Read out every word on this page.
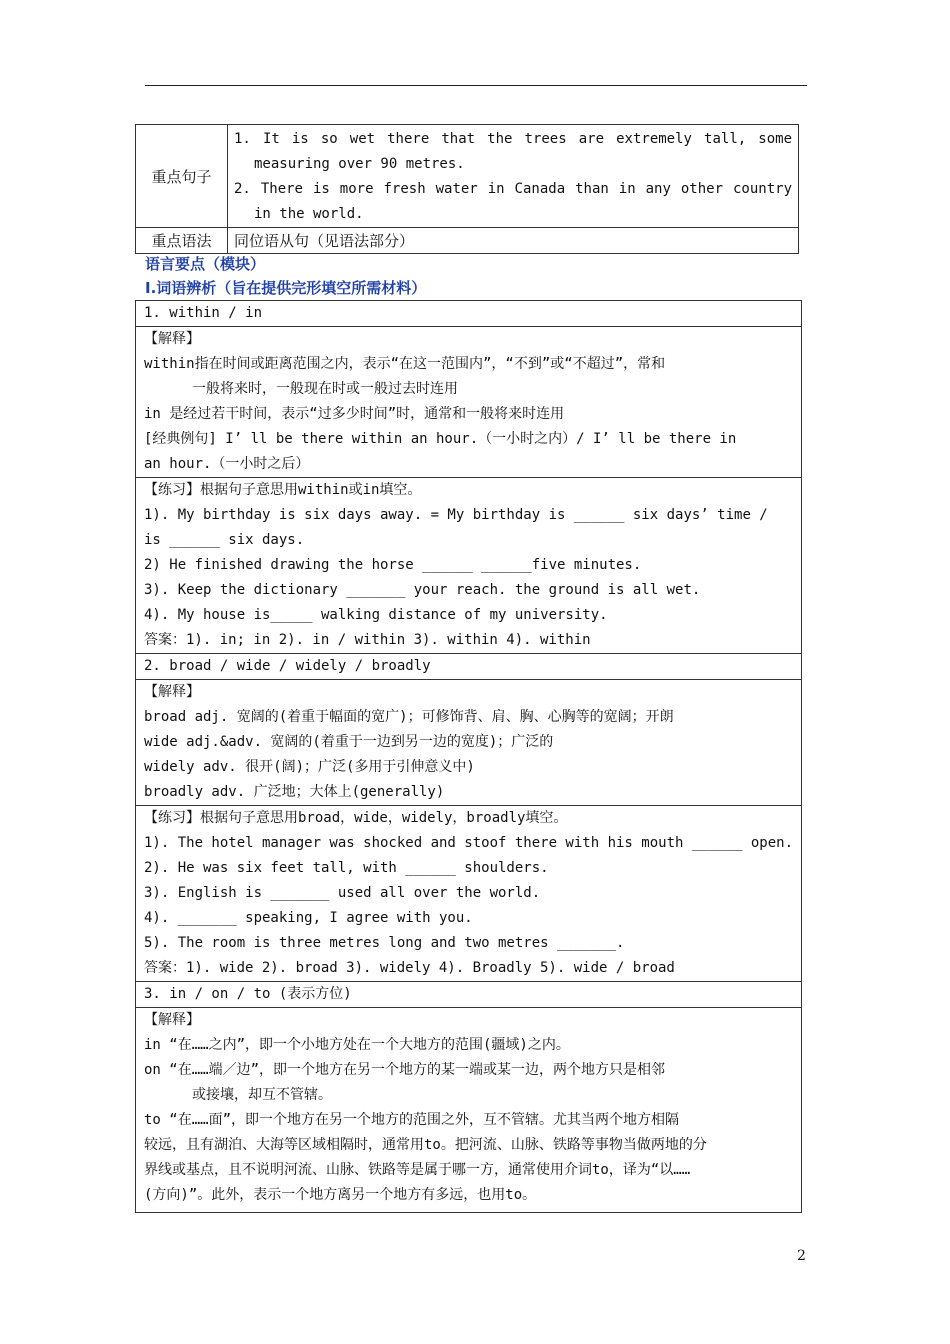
重点句子	1. It is so wet there that the trees are extremely tall, some
measuring over 90 metres.
2. There is more fresh water in Canada than in any other country
in the world.

重点语法	同位语从句（见语法部分）
语言要点（模块）
Ⅰ.词语辨析（旨在提供完形填空所需材料）
1. within / in

【解释】
within指在时间或距离范围之内，表示“在这一范围内”，“不到”或“不超过”，常和
一般将来时，一般现在时或一般过去时连用
in 是经过若干时间，表示“过多少时间”时，通常和一般将来时连用
[经典例句] I’ ll be there within an hour.（一小时之内）/ I’ ll be there in
an hour.（一小时之后）

【练习】根据句子意思用within或in填空。
1). My birthday is six days away. = My birthday is ______ six days’ time /
is ______ six days.
2) He finished drawing the horse ______ ______five minutes.
3). Keep the dictionary _______ your reach. the ground is all wet.
4). My house is_____ walking distance of my university.
答案：1). in; in 2). in / within 3). within 4). within

2. broad / wide / widely / broadly

【解释】
broad adj. 宽阔的(着重于幅面的宽广)；可修饰背、肩、胸、心胸等的宽阔；开朗
wide adj.&adv. 宽阔的(着重于一边到另一边的宽度)；广泛的
widely adv. 很开(阔)；广泛(多用于引伸意义中)
broadly adv. 广泛地；大体上(generally)

【练习】根据句子意思用broad，wide，widely，broadly填空。
1). The hotel manager was shocked and stoof there with his mouth ______ open.
2). He was six feet tall, with ______ shoulders.
3). English is _______ used all over the world.
4). _______ speaking, I agree with you.
5). The room is three metres long and two metres _______.
答案：1). wide 2). broad 3). widely 4). Broadly 5). wide / broad

3. in / on / to (表示方位)

【解释】
in “在……之内”，即一个小地方处在一个大地方的范围(疆域)之内。
on “在……端／边”，即一个地方在另一个地方的某一端或某一边，两个地方只是相邻
或接壤，却互不管辖。
to “在……面”，即一个地方在另一个地方的范围之外，互不管辖。尤其当两个地方相隔
较远，且有湖泊、大海等区域相隔时，通常用to。把河流、山脉、铁路等事物当做两地的分
界线或基点，且不说明河流、山脉、铁路等是属于哪一方，通常使用介词to，译为“以……
(方向)”。此外，表示一个地方离另一个地方有多远，也用to。
2
